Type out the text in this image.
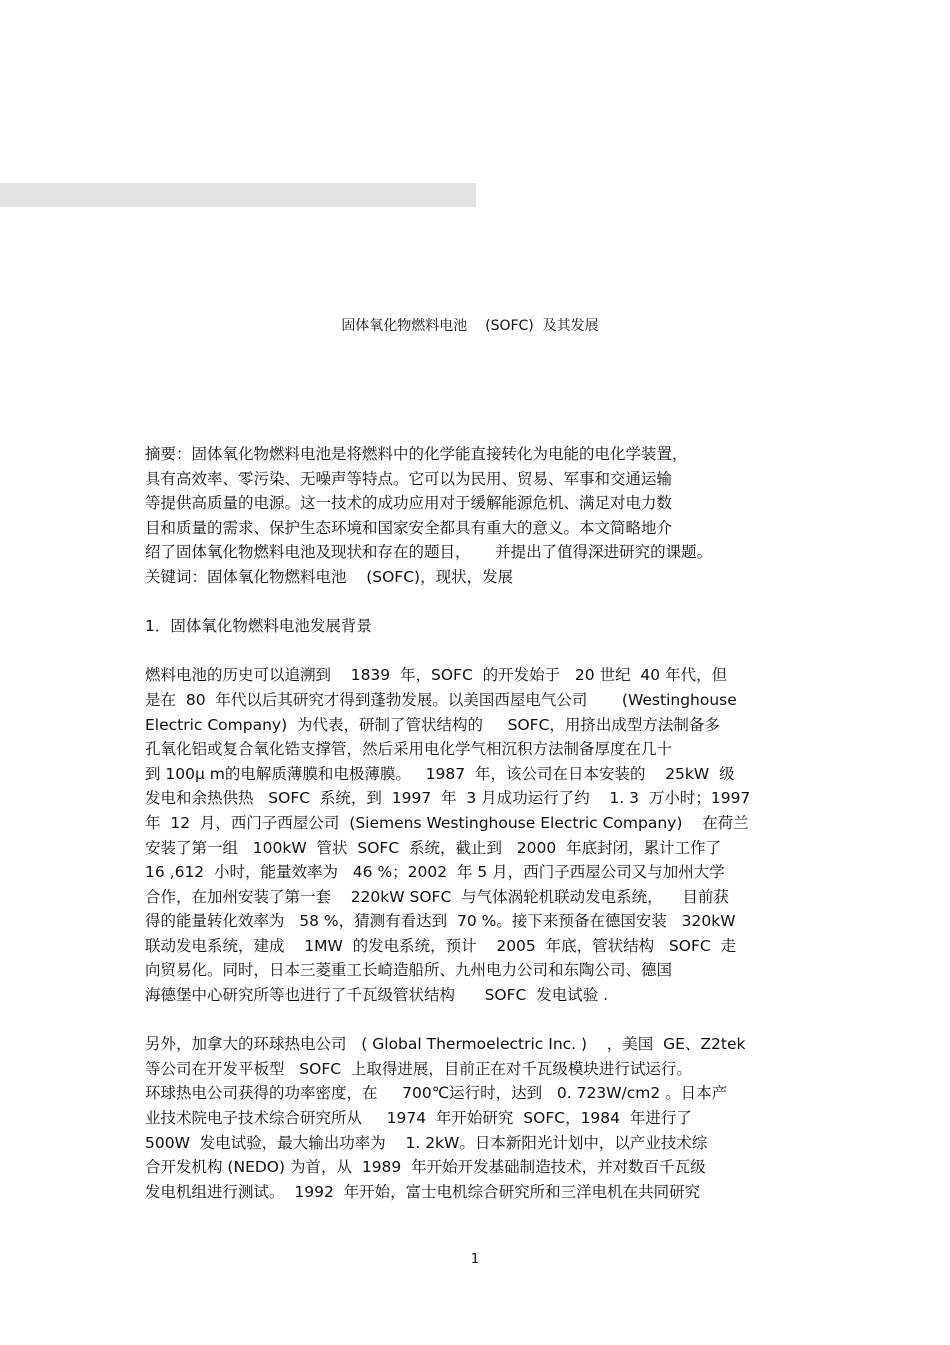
固体氧化物燃料电池    (SOFC)  及其发展
摘要：固体氧化物燃料电池是将燃料中的化学能直接转化为电能的电化学装置，
具有高效率、零污染、无噪声等特点。它可以为民用、贸易、军事和交通运输
等提供高质量的电源。这一技术的成功应用对于缓解能源危机、满足对电力数
目和质量的需求、保护生态环境和国家安全都具有重大的意义。本文简略地介
绍了固体氧化物燃料电池及现状和存在的题目，     并提出了值得深进研究的课题。
关键词：固体氧化物燃料电池    (SOFC)，现状，发展
1．固体氧化物燃料电池发展背景
燃料电池的历史可以追溯到    1839  年，SOFC  的开发始于   20 世纪  40 年代，但
是在  80  年代以后其研究才得到蓬勃发展。以美国西屋电气公司       (Westinghouse
Electric Company)  为代表，研制了管状结构的     SOFC，用挤出成型方法制备多
孔氧化铝或复合氧化锆支撑管，然后采用电化学气相沉积方法制备厚度在几十
到 100µ m的电解质薄膜和电极薄膜。   1987  年，该公司在日本安装的    25kW  级
发电和余热供热   SOFC  系统，到  1997  年  3 月成功运行了约    1. 3  万小时；1997
年  12  月，西门子西屋公司  (Siemens Westinghouse Electric Company)    在荷兰
安装了第一组   100kW  管状  SOFC  系统，截止到   2000  年底封闭，累计工作了
16 ,612  小时，能量效率为   46 %；2002  年 5 月，西门子西屋公司又与加州大学
合作，在加州安装了第一套    220kW SOFC  与气体涡轮机联动发电系统，    目前获
得的能量转化效率为   58 %，猜测有看达到  70 %。接下来预备在德国安装   320kW
联动发电系统，建成    1MW  的发电系统，预计    2005  年底，管状结构   SOFC  走
向贸易化。同时，日本三菱重工长崎造船所、九州电力公司和东陶公司、德国
海德堡中心研究所等也进行了千瓦级管状结构      SOFC  发电试验 .
另外，加拿大的环球热电公司   ( Global Thermoelectric Inc. )    ，美国  GE、Z2tek
等公司在开发平板型   SOFC  上取得进展，目前正在对千瓦级模块进行试运行。
环球热电公司获得的功率密度，在     700℃运行时，达到   0. 723W/cm2 。日本产
业技术院电子技术综合研究所从     1974  年开始研究  SOFC，1984  年进行了
500W  发电试验，最大输出功率为    1. 2kW。日本新阳光计划中，以产业技术综
合开发机构 (NEDO) 为首，从  1989  年开始开发基础制造技术，并对数百千瓦级
发电机组进行测试。  1992  年开始，富士电机综合研究所和三洋电机在共同研究
1
